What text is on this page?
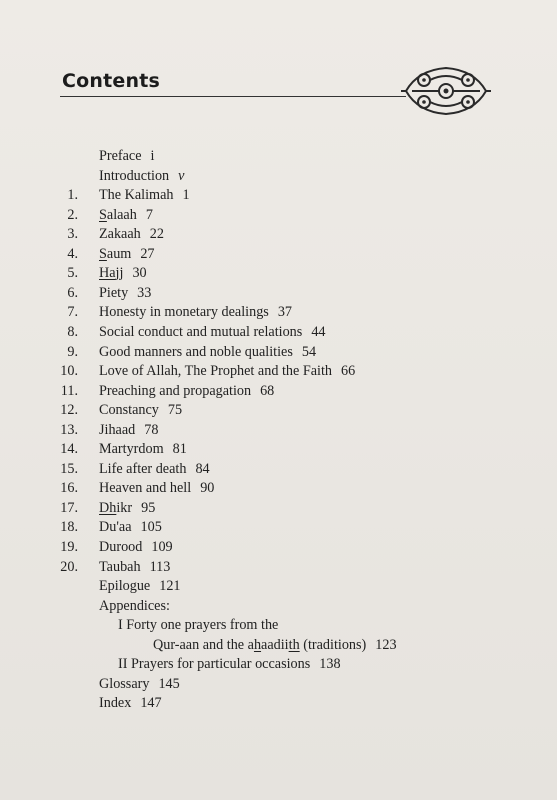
Contents
Preface i
Introduction v
1. The Kalimah 1
2. Salaah 7
3. Zakaah 22
4. Saum 27
5. Hajj 30
6. Piety 33
7. Honesty in monetary dealings 37
8. Social conduct and mutual relations 44
9. Good manners and noble qualities 54
10. Love of Allah, The Prophet and the Faith 66
11. Preaching and propagation 68
12. Constancy 75
13. Jihaad 78
14. Martyrdom 81
15. Life after death 84
16. Heaven and hell 90
17. Dhikr 95
18. Du'aa 105
19. Durood 109
20. Taubah 113
Epilogue 121
Appendices:
I Forty one prayers from the
Qur-aan and the ahaadiith (traditions) 123
II Prayers for particular occasions 138
Glossary 145
Index 147
